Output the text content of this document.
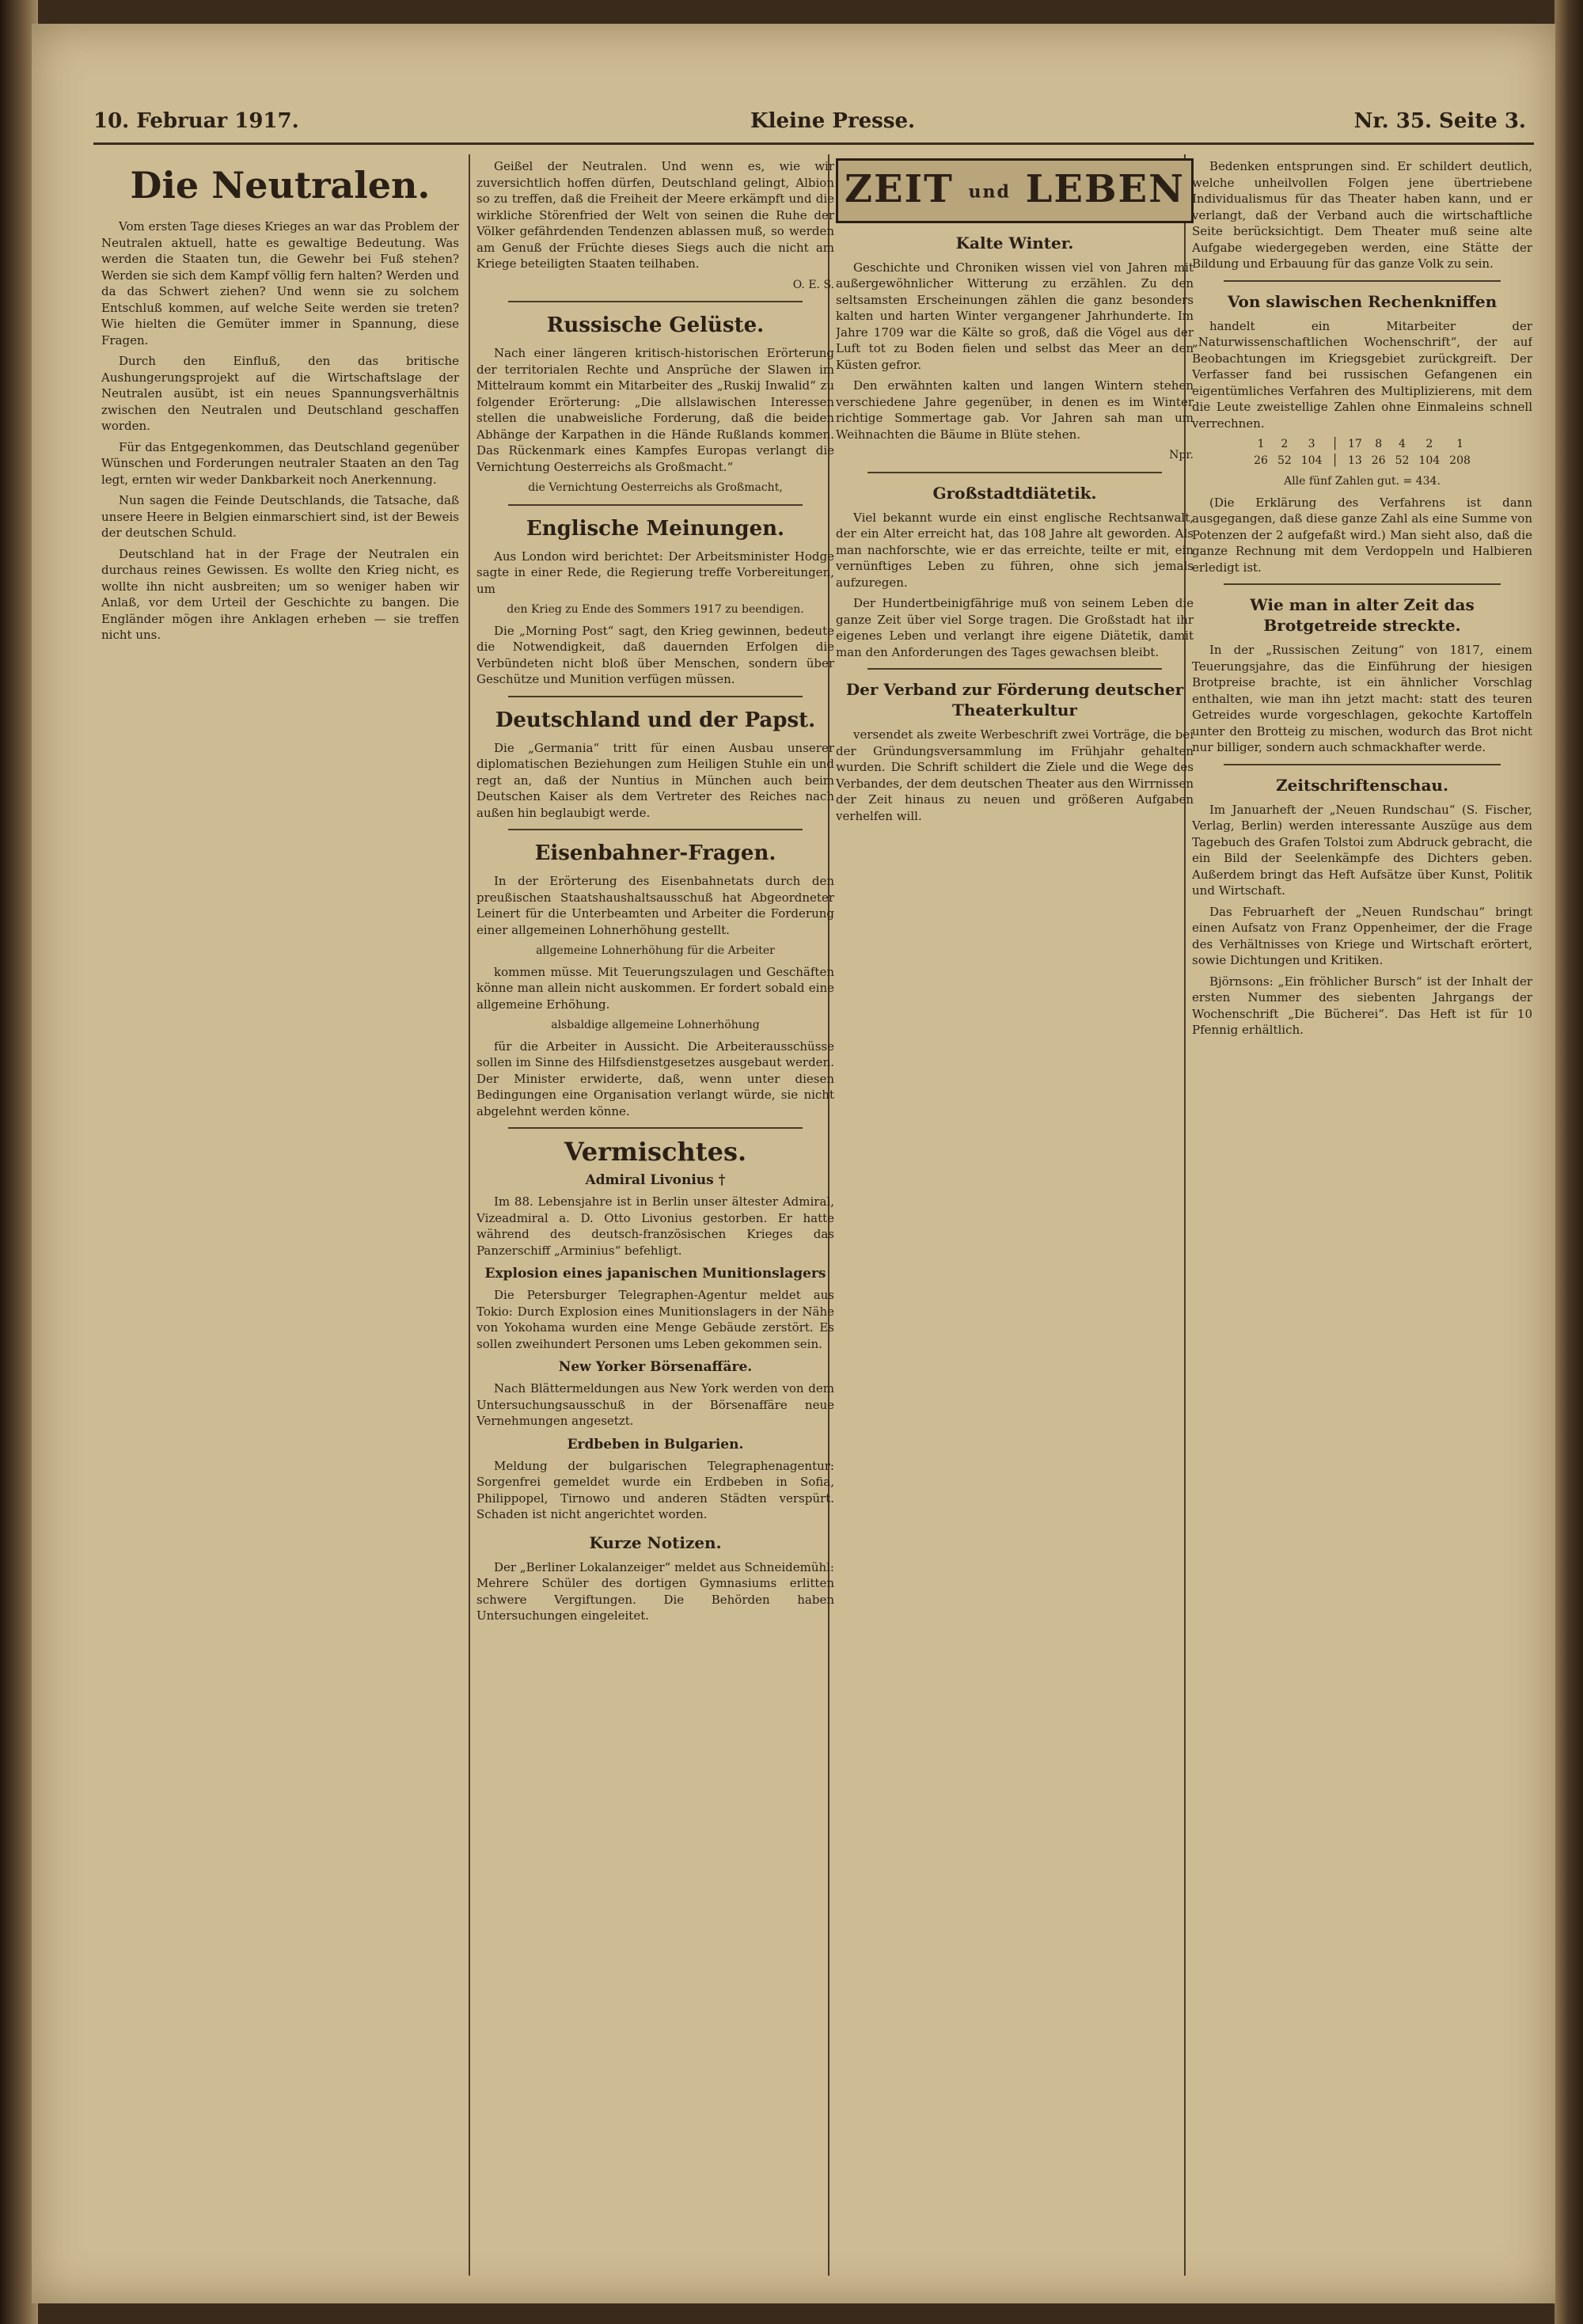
10. Februar 1917.	Kleine Presse.	Nr. 35. Seite 3.
Die Neutralen.

Vom ersten Tage dieses Krieges an war das Problem der Neutralen aktuell, hatte es gewaltige Bedeutung. Was werden die Staaten tun, die Gewehr bei Fuß stehen? Werden sie sich dem Kampf völlig fern halten? Werden und da das Schwert ziehen? Und wenn sie zu solchem Entschluß kommen, auf welche Seite werden sie treten? Wie hielten die Gemüter immer in Spannung, diese Fragen.

Durch den Einfluß, den das britische Aushungerungsprojekt auf die Wirtschaftslage der Neutralen ausübt, ist ein neues Spannungsverhältnis zwischen den Neutralen und Deutschland geschaffen worden.

Für das Entgegenkommen, das Deutschland gegenüber Wünschen und Forderungen neutraler Staaten an den Tag legt, ernten wir weder Dankbarkeit noch Anerkennung.

Nun sagen die Feinde Deutschlands, die Tatsache, daß unsere Heere in Belgien einmarschiert sind, ist der Beweis der deutschen Schuld.

Deutschland hat in der Frage der Neutralen ein durchaus reines Gewissen. Es wollte den Krieg nicht, es wollte ihn nicht ausbreiten; um so weniger haben wir Anlaß, vor dem Urteil der Geschichte zu bangen. Die Engländer mögen ihre Anklagen erheben — sie treffen nicht uns.

Geißel der Neutralen. Und wenn es, wie wir zuversichtlich hoffen dürfen, Deutschland gelingt, Albion so zu treffen, daß die Freiheit der Meere erkämpft und die wirkliche Störenfried der Welt von seinen die Ruhe der Völker gefährdenden Tendenzen ablassen muß, so werden am Genuß der Früchte dieses Siegs auch die nicht am Kriege beteiligten Staaten teilhaben.

O. E. S.
Russische Gelüste.

Nach einer längeren kritisch-historischen Erörterung der territorialen Rechte und Ansprüche der Slawen im Mittelraum kommt ein Mitarbeiter des „Ruskij Inwalid“ zu folgender Erörterung: „Die allslawischen Interessen stellen die unabweisliche Forderung, daß die beiden Abhänge der Karpathen in die Hände Rußlands kommen. Das Rückenmark eines Kampfes Europas verlangt die Vernichtung Oesterreichs als Großmacht.“

die Vernichtung Oesterreichs als Großmacht,

Englische Meinungen.

Aus London wird berichtet: Der Arbeitsminister Hodge sagte in einer Rede, die Regierung treffe Vorbereitungen, um

den Krieg zu Ende des Sommers 1917 zu beendigen.

Die „Morning Post“ sagt, den Krieg gewinnen, bedeute die Notwendigkeit, daß dauernden Erfolgen die Verbündeten nicht bloß über Menschen, sondern über Geschütze und Munition verfügen müssen.

Deutschland und der Papst.

Die „Germania“ tritt für einen Ausbau unserer diplomatischen Beziehungen zum Heiligen Stuhle ein und regt an, daß der Nuntius in München auch beim Deutschen Kaiser als dem Vertreter des Reiches nach außen hin beglaubigt werde.

Eisenbahner-Fragen.

In der Erörterung des Eisenbahnetats durch den preußischen Staatshaushaltsausschuß hat Abgeordneter Leinert für die Unterbeamten und Arbeiter die Forderung einer allgemeinen Lohnerhöhung gestellt.

allgemeine Lohnerhöhung für die Arbeiter

kommen müsse. Mit Teuerungszulagen und Geschäften könne man allein nicht auskommen. Er fordert sobald eine allgemeine Erhöhung.

alsbaldige allgemeine Lohnerhöhung

für die Arbeiter in Aussicht. Die Arbeiterausschüsse sollen im Sinne des Hilfsdienstgesetzes ausgebaut werden. Der Minister erwiderte, daß, wenn unter diesen Bedingungen eine Organisation verlangt würde, sie nicht abgelehnt werden könne.

Vermischtes.
Admiral Livonius †

Im 88. Lebensjahre ist in Berlin unser ältester Admiral, Vizeadmiral a. D. Otto Livonius gestorben. Er hatte während des deutsch-französischen Krieges das Panzerschiff „Arminius“ befehligt.

Explosion eines japanischen Munitionslagers

Die Petersburger Telegraphen-Agentur meldet aus Tokio: Durch Explosion eines Munitionslagers in der Nähe von Yokohama wurden eine Menge Gebäude zerstört. Es sollen zweihundert Personen ums Leben gekommen sein.

New Yorker Börsenaffäre.

Nach Blättermeldungen aus New York werden von dem Untersuchungsausschuß in der Börsenaffäre neue Vernehmungen angesetzt.

Erdbeben in Bulgarien.

Meldung der bulgarischen Telegraphenagentur: Sorgenfrei gemeldet wurde ein Erdbeben in Sofia, Philippopel, Tirnowo und anderen Städten verspürt. Schaden ist nicht angerichtet worden.

Kurze Notizen.

Der „Berliner Lokalanzeiger“ meldet aus Schneidemühl: Mehrere Schüler des dortigen Gymnasiums erlitten schwere Vergiftungen. Die Behörden haben Untersuchungen eingeleitet.

ZEIT und LEBEN
Kalte Winter.

Geschichte und Chroniken wissen viel von Jahren mit außergewöhnlicher Witterung zu erzählen. Zu den seltsamsten Erscheinungen zählen die ganz besonders kalten und harten Winter vergangener Jahrhunderte. Im Jahre 1709 war die Kälte so groß, daß die Vögel aus der Luft tot zu Boden fielen und selbst das Meer an den Küsten gefror.

Den erwähnten kalten und langen Wintern stehen verschiedene Jahre gegenüber, in denen es im Winter richtige Sommertage gab. Vor Jahren sah man um Weihnachten die Bäume in Blüte stehen.

Npr.
Großstadtdiätetik.

Viel bekannt wurde ein einst englische Rechtsanwalt, der ein Alter erreicht hat, das 108 Jahre alt geworden. Als man nachforschte, wie er das erreichte, teilte er mit, ein vernünftiges Leben zu führen, ohne sich jemals aufzuregen.

Der Hundertbeinigfährige muß von seinem Leben die ganze Zeit über viel Sorge tragen. Die Großstadt hat ihr eigenes Leben und verlangt ihre eigene Diätetik, damit man den Anforderungen des Tages gewachsen bleibt.

Der Verband zur Förderung deutscher Theaterkultur

versendet als zweite Werbeschrift zwei Vorträge, die bei der Gründungsversammlung im Frühjahr gehalten wurden. Die Schrift schildert die Ziele und die Wege des Verbandes, der dem deutschen Theater aus den Wirrnissen der Zeit hinaus zu neuen und größeren Aufgaben verhelfen will.

Bedenken entsprungen sind. Er schildert deutlich, welche unheilvollen Folgen jene übertriebene Individualismus für das Theater haben kann, und er verlangt, daß der Verband auch die wirtschaftliche Seite berücksichtigt. Dem Theater muß seine alte Aufgabe wiedergegeben werden, eine Stätte der Bildung und Erbauung für das ganze Volk zu sein.

Von slawischen Rechenkniffen

handelt ein Mitarbeiter der „Naturwissenschaftlichen Wochenschrift“, der auf Beobachtungen im Kriegsgebiet zurückgreift. Der Verfasser fand bei russischen Gefangenen ein eigentümliches Verfahren des Multiplizierens, mit dem die Leute zweistellige Zahlen ohne Einmaleins schnell verrechnen.

1	2	3	│	17	8	4	2	1
26	52	104	│	13	26	52	104	208

Alle fünf Zahlen gut. = 434.

(Die Erklärung des Verfahrens ist dann ausgegangen, daß diese ganze Zahl als eine Summe von Potenzen der 2 aufgefaßt wird.) Man sieht also, daß die ganze Rechnung mit dem Verdoppeln und Halbieren erledigt ist.

Wie man in alter Zeit das Brotgetreide streckte.

In der „Russischen Zeitung“ von 1817, einem Teuerungsjahre, das die Einführung der hiesigen Brotpreise brachte, ist ein ähnlicher Vorschlag enthalten, wie man ihn jetzt macht: statt des teuren Getreides wurde vorgeschlagen, gekochte Kartoffeln unter den Brotteig zu mischen, wodurch das Brot nicht nur billiger, sondern auch schmackhafter werde.

Zeitschriftenschau.

Im Januarheft der „Neuen Rundschau“ (S. Fischer, Verlag, Berlin) werden interessante Auszüge aus dem Tagebuch des Grafen Tolstoi zum Abdruck gebracht, die ein Bild der Seelenkämpfe des Dichters geben. Außerdem bringt das Heft Aufsätze über Kunst, Politik und Wirtschaft.

Das Februarheft der „Neuen Rundschau“ bringt einen Aufsatz von Franz Oppenheimer, der die Frage des Verhältnisses von Kriege und Wirtschaft erörtert, sowie Dichtungen und Kritiken.

Björnsons: „Ein fröhlicher Bursch“ ist der Inhalt der ersten Nummer des siebenten Jahrgangs der Wochenschrift „Die Bücherei“. Das Heft ist für 10 Pfennig erhältlich.
